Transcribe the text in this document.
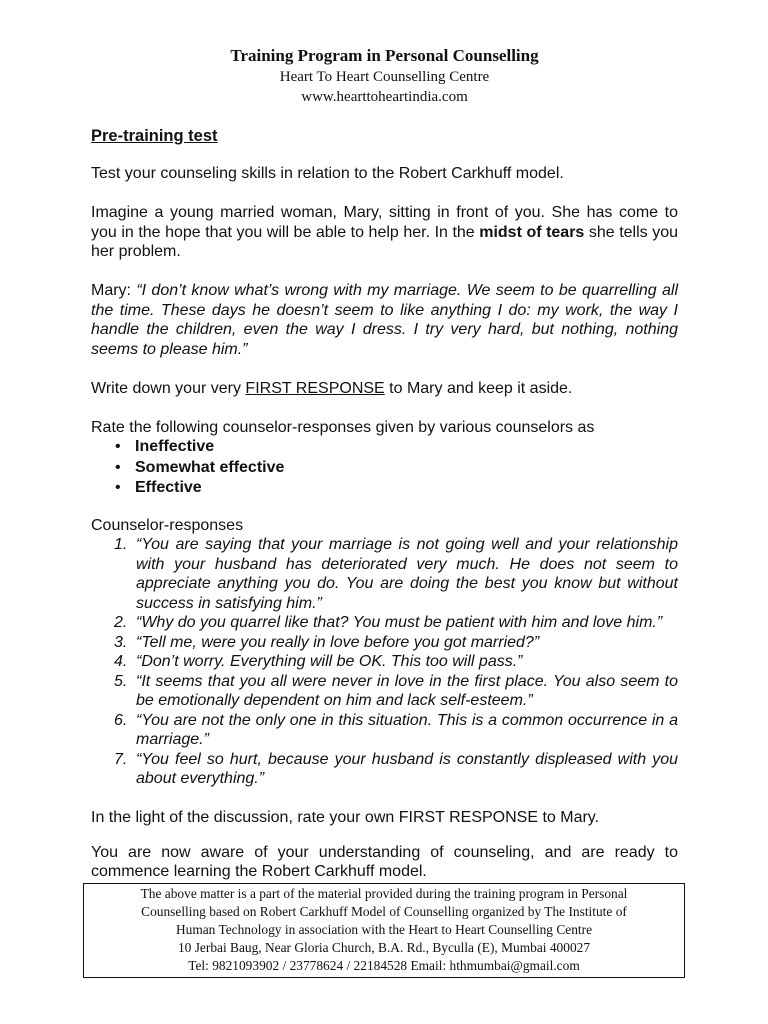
Training Program in Personal Counselling
Heart To Heart Counselling Centre
www.hearttoheartindia.com
Pre-training test

Test your counseling skills in relation to the Robert Carkhuff model.

Imagine a young married woman, Mary, sitting in front of you. She has come to you in the hope that you will be able to help her. In the midst of tears she tells you her problem.

Mary: “I don’t know what’s wrong with my marriage. We seem to be quarrelling all the time. These days he doesn’t seem to like anything I do: my work, the way I handle the children, even the way I dress. I try very hard, but nothing, nothing seems to please him.”

Write down your very FIRST RESPONSE to Mary and keep it aside.

Rate the following counselor-responses given by various counselors as

• Ineffective
• Somewhat effective
• Effective

Counselor-responses

1. “You are saying that your marriage is not going well and your relationship with your husband has deteriorated very much. He does not seem to appreciate anything you do. You are doing the best you know but without success in satisfying him.”
2. “Why do you quarrel like that? You must be patient with him and love him.”
3. “Tell me, were you really in love before you got married?”
4. “Don’t worry. Everything will be OK. This too will pass.”
5. “It seems that you all were never in love in the first place. You also seem to be emotionally dependent on him and lack self-esteem.”
6. “You are not the only one in this situation. This is a common occurrence in a marriage.”
7. “You feel so hurt, because your husband is constantly displeased with you about everything.”

In the light of the discussion, rate your own FIRST RESPONSE to Mary.

You are now aware of your understanding of counseling, and are ready to commence learning the Robert Carkhuff model.

The above matter is a part of the material provided during the training program in Personal
Counselling based on Robert Carkhuff Model of Counselling organized by The Institute of
Human Technology in association with the Heart to Heart Counselling Centre
10 Jerbai Baug, Near Gloria Church, B.A. Rd., Byculla (E), Mumbai 400027
Tel: 9821093902 / 23778624 / 22184528 Email: hthmumbai@gmail.com
